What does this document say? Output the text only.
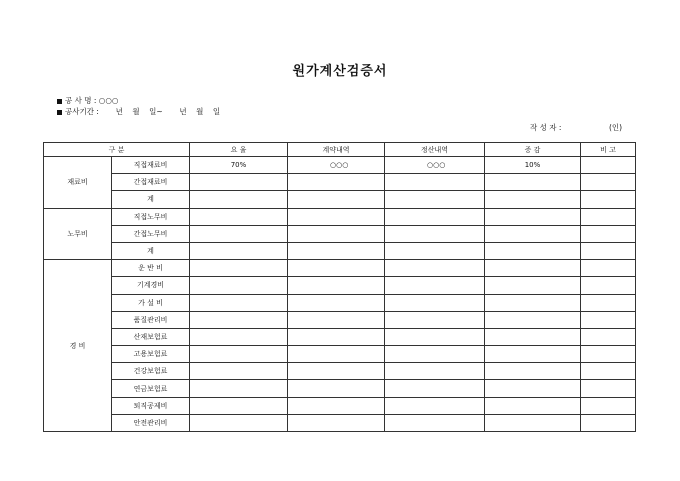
원가계산검증서
공 사 명 : ○○○
공사기간 :       년    월    일~       년    월    일
작 성 자 :	(인)
구 분		요 율	계약내역	정산내역	증 감	비 고
재료비	직접재료비	70%	○○○	○○○	10%	
	간접재료비					
	계					
노무비	직접노무비					
	간접노무비					
	계					
경 비	운 반 비					
	기계경비					
	가 설 비					
	품질관리비					
	산재보험료					
	고용보험료					
	건강보험료					
	연금보험료					
	퇴직공제비					
	안전관리비					
